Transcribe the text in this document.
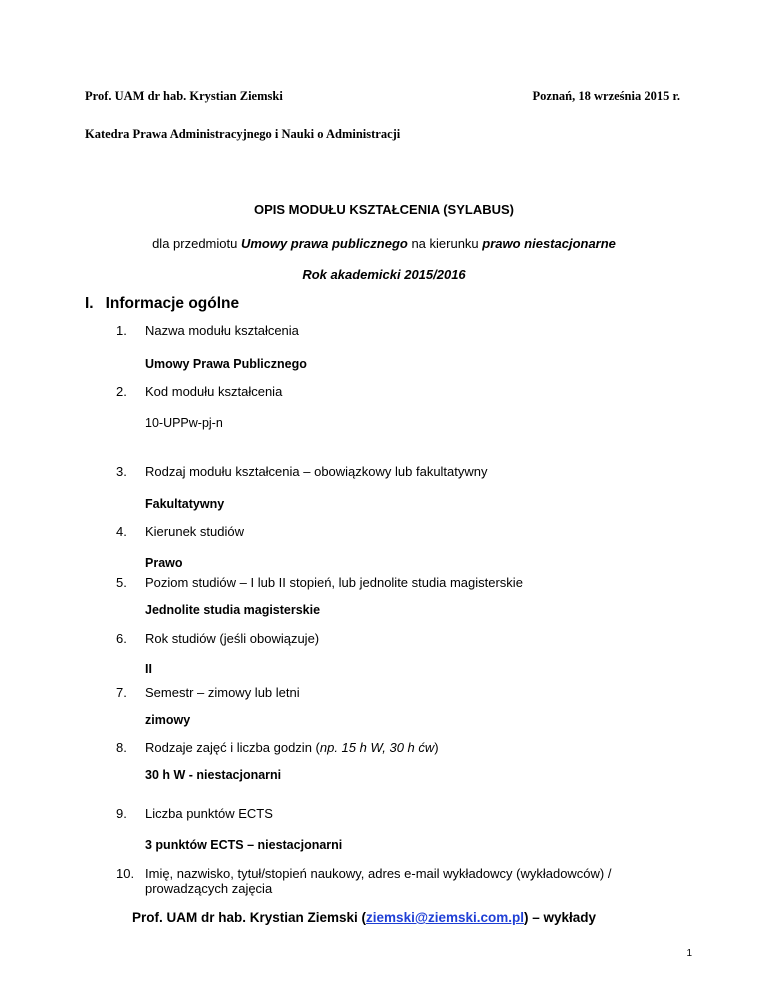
Prof. UAM dr hab. Krystian Ziemski	Poznań, 18 września 2015 r.
Katedra Prawa Administracyjnego i Nauki o Administracji
OPIS MODUŁU KSZTAŁCENIA (SYLABUS)
dla przedmiotu Umowy prawa publicznego na kierunku prawo niestacjonarne
Rok akademicki 2015/2016
I. Informacje ogólne
1. Nazwa modułu kształcenia
Umowy Prawa Publicznego
2. Kod modułu kształcenia
10-UPPw-pj-n
3. Rodzaj modułu kształcenia – obowiązkowy lub fakultatywny
Fakultatywny
4. Kierunek studiów
Prawo
5. Poziom studiów – I lub II stopień, lub jednolite studia magisterskie
Jednolite studia magisterskie
6. Rok studiów (jeśli obowiązuje)
II
7. Semestr – zimowy lub letni
zimowy
8. Rodzaje zajęć i liczba godzin (np. 15 h W, 30 h ćw)
30 h W - niestacjonarni
9. Liczba punktów ECTS
3 punktów ECTS – niestacjonarni
10. Imię, nazwisko, tytuł/stopień naukowy, adres e-mail wykładowcy (wykładowców) /
prowadzących zajęcia
Prof. UAM dr hab. Krystian Ziemski (ziemski@ziemski.com.pl) – wykłady
1
